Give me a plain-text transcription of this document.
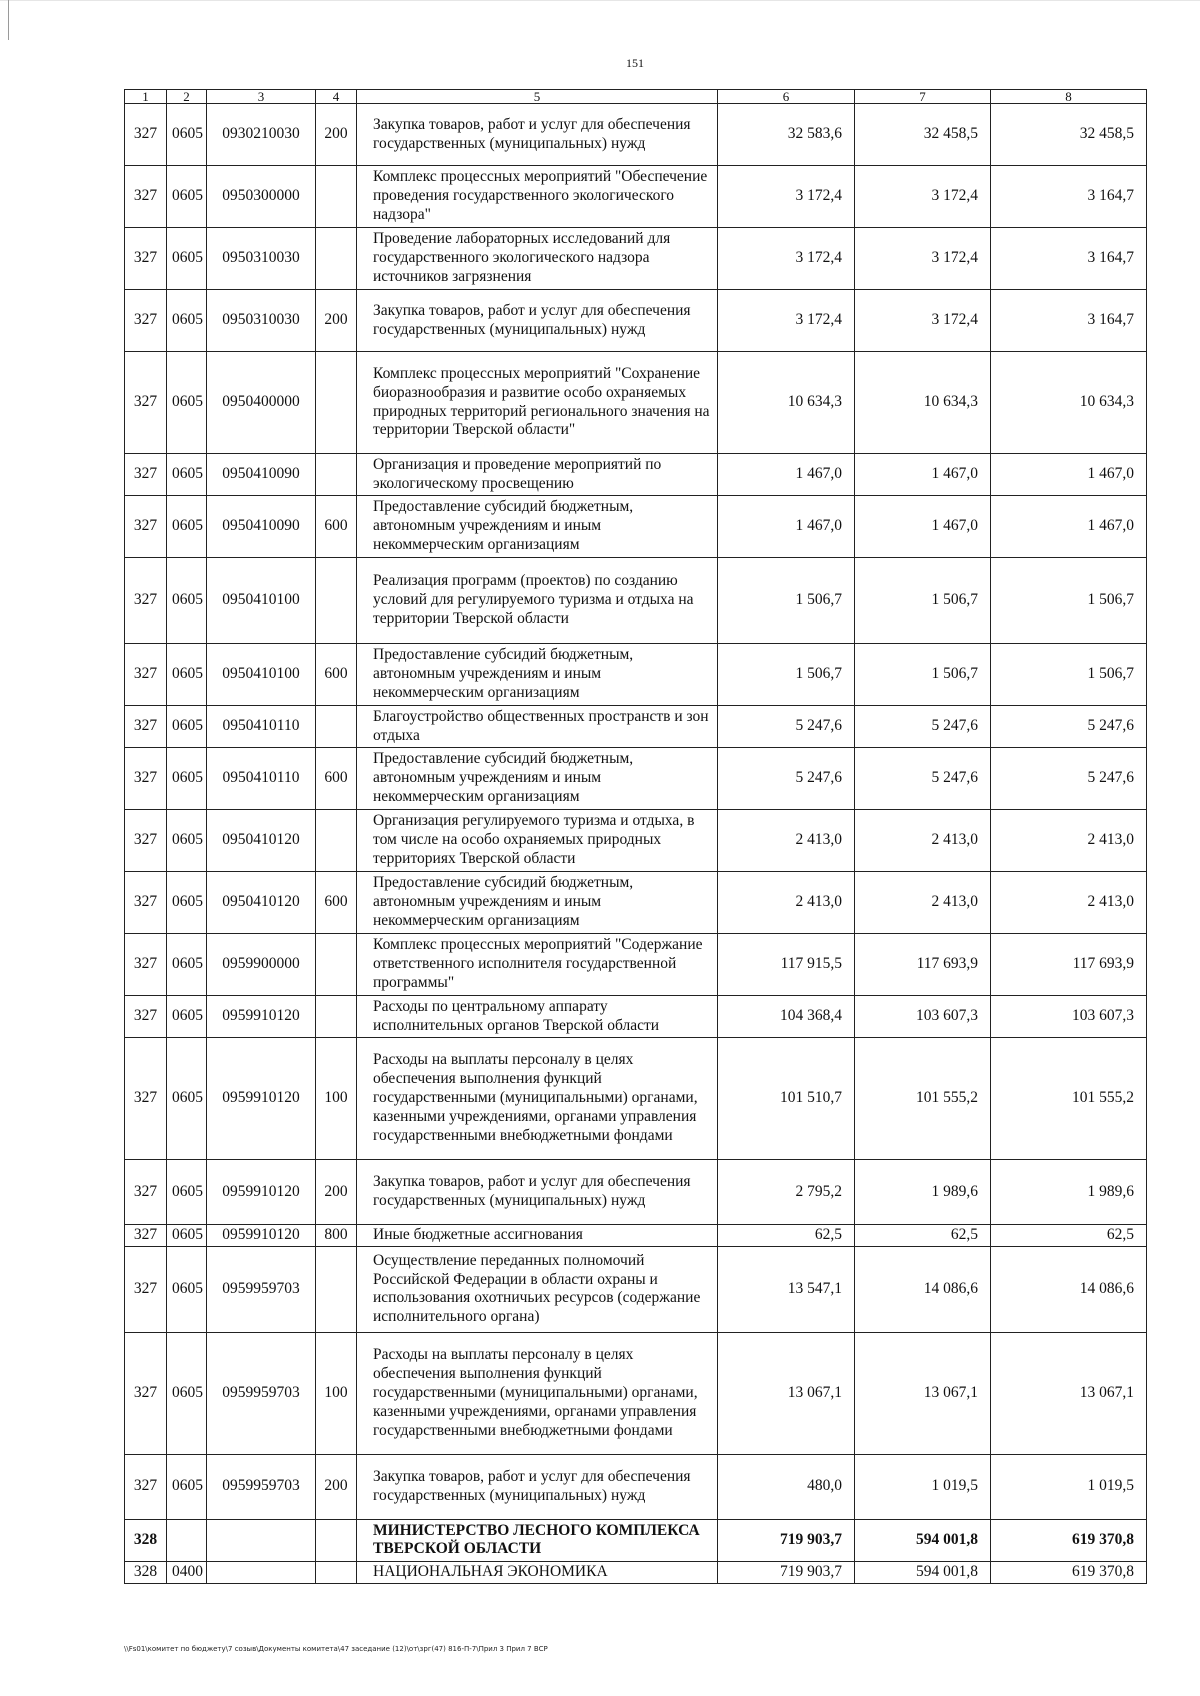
151
1	2	3	4	5	6	7	8
327	0605	0930210030	200	Закупка товаров, работ и услуг для обеспечения государственных (муниципальных) нужд	32 583,6	32 458,5	32 458,5
327	0605	0950300000		Комплекс процессных мероприятий "Обеспечение проведения государственного экологического надзора"	3 172,4	3 172,4	3 164,7
327	0605	0950310030		Проведение лабораторных исследований для государственного экологического надзора источников загрязнения	3 172,4	3 172,4	3 164,7
327	0605	0950310030	200	Закупка товаров, работ и услуг для обеспечения государственных (муниципальных) нужд	3 172,4	3 172,4	3 164,7
327	0605	0950400000		Комплекс процессных мероприятий "Сохранение биоразнообразия и развитие особо охраняемых природных территорий регионального значения на территории Тверской области"	10 634,3	10 634,3	10 634,3
327	0605	0950410090		Организация и проведение мероприятий по экологическому просвещению	1 467,0	1 467,0	1 467,0
327	0605	0950410090	600	Предоставление субсидий бюджетным, автономным учреждениям и иным некоммерческим организациям	1 467,0	1 467,0	1 467,0
327	0605	0950410100		Реализация программ (проектов) по созданию условий для регулируемого туризма и отдыха на территории Тверской области	1 506,7	1 506,7	1 506,7
327	0605	0950410100	600	Предоставление субсидий бюджетным, автономным учреждениям и иным некоммерческим организациям	1 506,7	1 506,7	1 506,7
327	0605	0950410110		Благоустройство общественных пространств и зон отдыха	5 247,6	5 247,6	5 247,6
327	0605	0950410110	600	Предоставление субсидий бюджетным, автономным учреждениям и иным некоммерческим организациям	5 247,6	5 247,6	5 247,6
327	0605	0950410120		Организация регулируемого туризма и отдыха, в том числе на особо охраняемых природных территориях Тверской области	2 413,0	2 413,0	2 413,0
327	0605	0950410120	600	Предоставление субсидий бюджетным, автономным учреждениям и иным некоммерческим организациям	2 413,0	2 413,0	2 413,0
327	0605	0959900000		Комплекс процессных мероприятий "Содержание ответственного исполнителя государственной программы"	117 915,5	117 693,9	117 693,9
327	0605	0959910120		Расходы по центральному аппарату исполнительных органов Тверской области	104 368,4	103 607,3	103 607,3
327	0605	0959910120	100	Расходы на выплаты персоналу в целях обеспечения выполнения функций государственными (муниципальными) органами, казенными учреждениями, органами управления государственными внебюджетными фондами	101 510,7	101 555,2	101 555,2
327	0605	0959910120	200	Закупка товаров, работ и услуг для обеспечения государственных (муниципальных) нужд	2 795,2	1 989,6	1 989,6
327	0605	0959910120	800	Иные бюджетные ассигнования	62,5	62,5	62,5
327	0605	0959959703		Осуществление переданных полномочий Российской Федерации в области охраны и использования охотничьих ресурсов (содержание исполнительного органа)	13 547,1	14 086,6	14 086,6
327	0605	0959959703	100	Расходы на выплаты персоналу в целях обеспечения выполнения функций государственными (муниципальными) органами, казенными учреждениями, органами управления государственными внебюджетными фондами	13 067,1	13 067,1	13 067,1
327	0605	0959959703	200	Закупка товаров, работ и услуг для обеспечения государственных (муниципальных) нужд	480,0	1 019,5	1 019,5
328				МИНИСТЕРСТВО ЛЕСНОГО КОМПЛЕКСА ТВЕРСКОЙ ОБЛАСТИ	719 903,7	594 001,8	619 370,8
328	0400			НАЦИОНАЛЬНАЯ ЭКОНОМИКА	719 903,7	594 001,8	619 370,8
\\Fs01\комитет по бюджету\7 созыв\Документы комитета\47 заседание (12)\от\зрг(47) 816-П-7\Прил 3 Прил 7 ВСР
